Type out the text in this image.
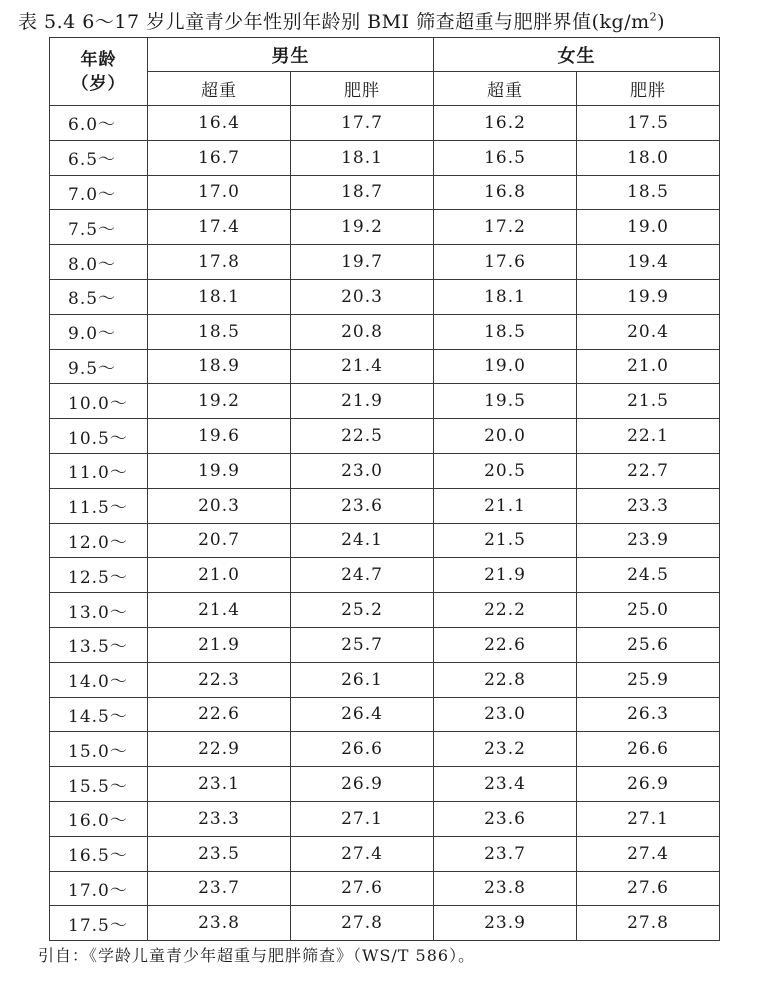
表 5.4 6～17 岁儿童青少年性别年龄别 BMI 筛查超重与肥胖界值$(kg/m^2)$
年龄
（岁）	男生		女生	
	超重	肥胖	超重	肥胖
6.0～	16.4	17.7	16.2	17.5
6.5～	16.7	18.1	16.5	18.0
7.0～	17.0	18.7	16.8	18.5
7.5～	17.4	19.2	17.2	19.0
8.0～	17.8	19.7	17.6	19.4
8.5～	18.1	20.3	18.1	19.9
9.0～	18.5	20.8	18.5	20.4
9.5～	18.9	21.4	19.0	21.0
10.0～	19.2	21.9	19.5	21.5
10.5～	19.6	22.5	20.0	22.1
11.0～	19.9	23.0	20.5	22.7
11.5～	20.3	23.6	21.1	23.3
12.0～	20.7	24.1	21.5	23.9
12.5～	21.0	24.7	21.9	24.5
13.0～	21.4	25.2	22.2	25.0
13.5～	21.9	25.7	22.6	25.6
14.0～	22.3	26.1	22.8	25.9
14.5～	22.6	26.4	23.0	26.3
15.0～	22.9	26.6	23.2	26.6
15.5～	23.1	26.9	23.4	26.9
16.0～	23.3	27.1	23.6	27.1
16.5～	23.5	27.4	23.7	27.4
17.0～	23.7	27.6	23.8	27.6
17.5～	23.8	27.8	23.9	27.8
引自：《学龄儿童青少年超重与肥胖筛查》（WS/T 586）。
